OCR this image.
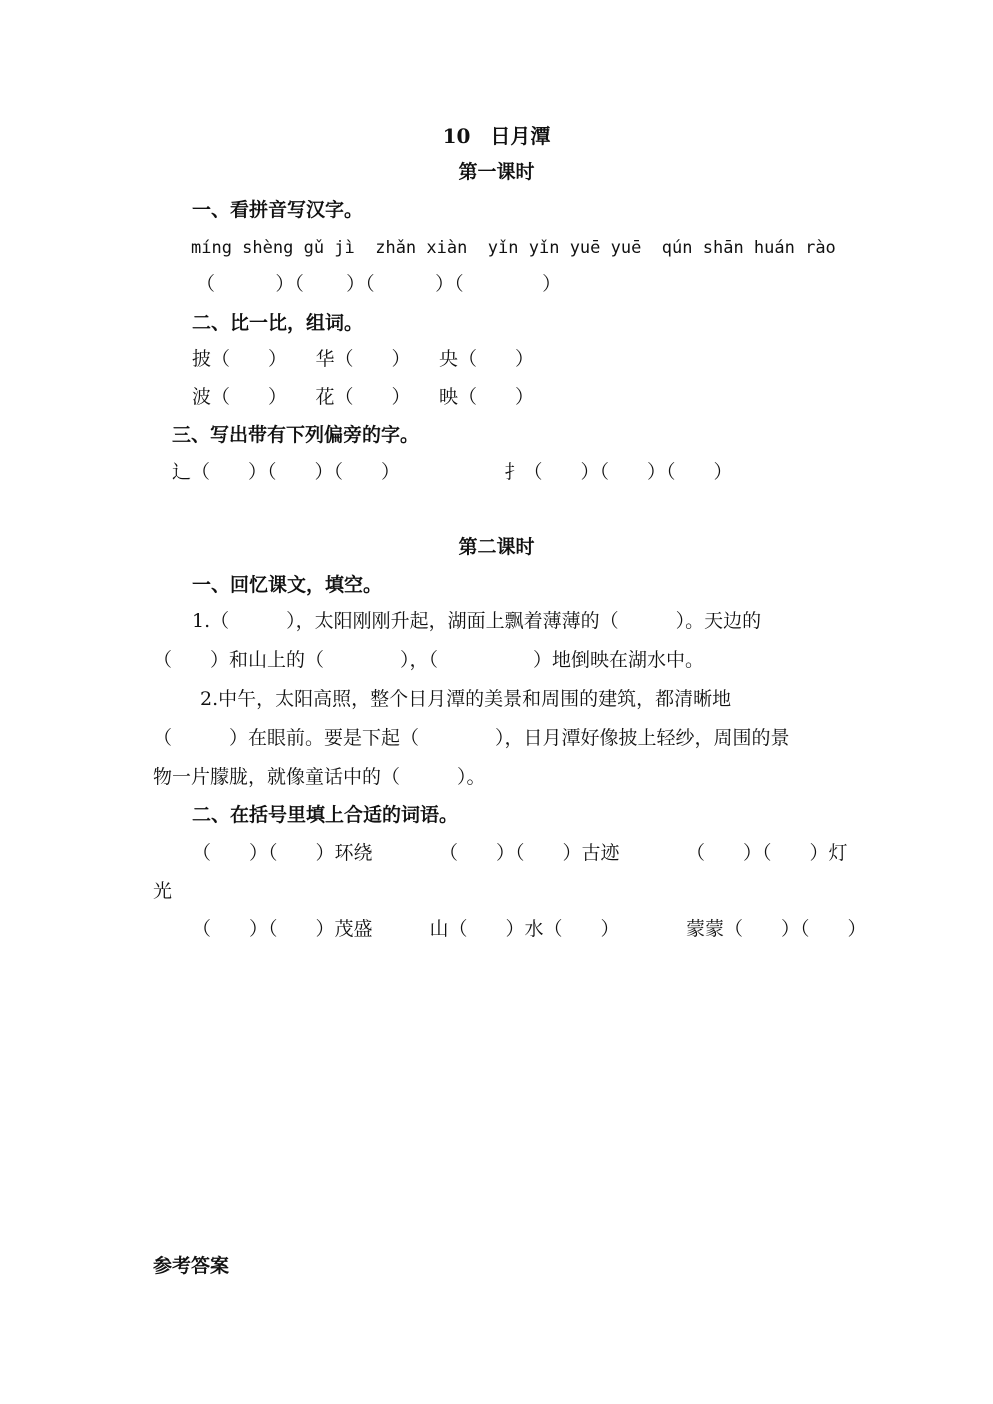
10　日月潭
第一课时
一、看拼音写汉字。
míng shèng gǔ jì  zhǎn xiàn  yǐn yǐn yuē yuē  qún shān huán rào
（          ）（       ）（          ）（             ）
二、比一比，组词。
披（　　）　　华（　　）　　央（　　）
波（　　）　　花（　　）　　映（　　）
三、写出带有下列偏旁的字。
辶（　　）（　　）（　　）　　　　　　扌（　　）（　　）（　　）
第二课时
一、回忆课文，填空。
1.（　　　），太阳刚刚升起，湖面上飘着薄薄的（　　　）。天边的
（　　）和山上的（　　　　），（　　　　　）地倒映在湖水中。
2.中午，太阳高照，整个日月潭的美景和周围的建筑，都清晰地
（　　　）在眼前。要是下起（　　　　），日月潭好像披上轻纱，周围的景
物一片朦胧，就像童话中的（　　　）。
二、在括号里填上合适的词语。
（　　）（　　）环绕　　　　（　　）（　　）古迹　　　　（　　）（　　）灯
光
（　　）（　　）茂盛　　　山（　　）水（　　）　　　　蒙蒙（　　）（　　）
参考答案
